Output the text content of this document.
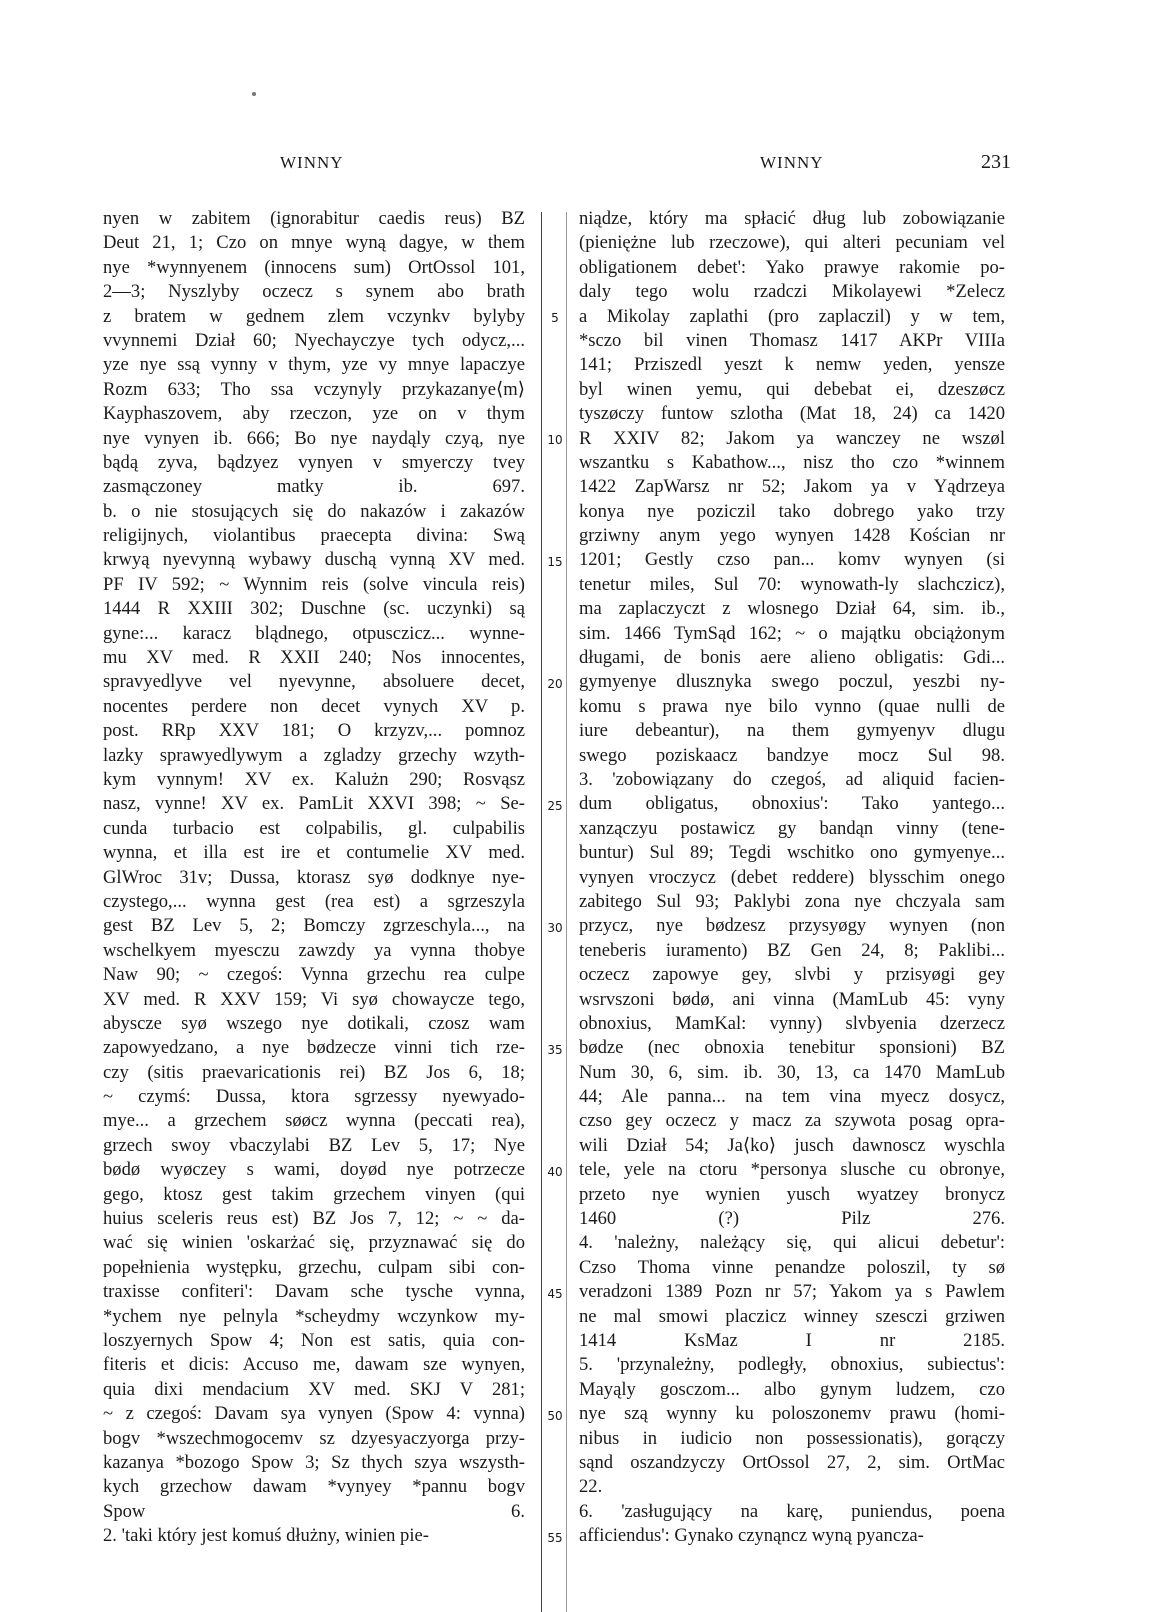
WINNY	WINNY	231
5
10
15
20
25
30
35
40
45
50
55
nyen w zabitem (ignorabitur caedis reus) BZ
Deut 21, 1; Czo on mnye wyną dagye, w them
nye *wynnyenem (innocens sum) OrtOssol 101,
2—3; Nyszlyby oczecz s synem abo brath
z bratem w gednem zlem vczynkv bylyby
vvynnemi Dział 60; Nyechayczye tych odycz,...
yze nye ssą vynny v thym, yze vy mnye lapaczye
Rozm 633; Tho ssa vczynyly przykazanye⟨m⟩
Kayphaszovem, aby rzeczon, yze on v thym
nye vynyen ib. 666; Bo nye naydąly czyą, nye
bądą zyva, bądzyez vynyen v smyerczy tvey
zasmączoney matky ib. 697.
b. o nie stosujących się do nakazów i zakazów
religijnych, violantibus praecepta divina: Swą
krwyą nyevynną wybawy duschą vynną XV med.
PF IV 592; ~ Wynnim reis (solve vincula reis)
1444 R XXIII 302; Duschne (sc. uczynki) są
gyne:... karacz blądnego, otpusczicz... wynne-
mu XV med. R XXII 240; Nos innocentes,
spravyedlyve vel nyevynne, absoluere decet,
nocentes perdere non decet vynych XV p.
post. RRp XXV 181; O krzyzv,... pomnoz
lazky sprawyedlywym a zgladzy grzechy wzyth-
kym vynnym! XV ex. Kalużn 290; Rosvąsz
nasz, vynne! XV ex. PamLit XXVI 398; ~ Se-
cunda turbacio est colpabilis, gl. culpabilis
wynna, et illa est ire et contumelie XV med.
GlWroc 31v; Dussa, ktorasz syø dodknye nye-
czystego,... wynna gest (rea est) a sgrzeszyla
gest BZ Lev 5, 2; Bomczy zgrzeschyla..., na
wschelkyem myesczu zawzdy ya vynna thobye
Naw 90; ~ czegoś: Vynna grzechu rea culpe
XV med. R XXV 159; Vi syø chowaycze tego,
abyscze syø wszego nye dotikali, czosz wam
zapowyedzano, a nye bødzecze vinni tich rze-
czy (sitis praevaricationis rei) BZ Jos 6, 18;
~ czymś: Dussa, ktora sgrzessy nyewyado-
mye... a grzechem søøcz wynna (peccati rea),
grzech swoy vbaczylabi BZ Lev 5, 17; Nye
bødø wyøczey s wami, doyød nye potrzecze
gego, ktosz gest takim grzechem vinyen (qui
huius sceleris reus est) BZ Jos 7, 12; ~ ~ da-
wać się winien 'oskarżać się, przyznawać się do
popełnienia występku, grzechu, culpam sibi con-
traxisse confiteri': Davam sche tysche vynna,
*ychem nye pelnyla *scheydmy wczynkow my-
loszyernych Spow 4; Non est satis, quia con-
fiteris et dicis: Accuso me, dawam sze wynyen,
quia dixi mendacium XV med. SKJ V 281;
~ z czegoś: Davam sya vynyen (Spow 4: vynna)
bogv *wszechmogocemv sz dzyesyaczyorga przy-
kazanya *bozogo Spow 3; Sz thych szya wszysth-
kych grzechow dawam *vynyey *pannu bogv
Spow 6.
2. 'taki który jest komuś dłużny, winien pie-
niądze, który ma spłacić dług lub zobowiązanie
(pieniężne lub rzeczowe), qui alteri pecuniam vel
obligationem debet': Yako prawye rakomie po-
daly tego wolu rzadczi Mikolayewi *Zelecz
a Mikolay zaplathi (pro zaplaczil) y w tem,
*sczo bil vinen Thomasz 1417 AKPr VIIIa
141; Prziszedl yeszt k nemw yeden, yensze
byl winen yemu, qui debebat ei, dzeszøcz
tyszøczy funtow szlotha (Mat 18, 24) ca 1420
R XXIV 82; Jakom ya wanczey ne wszøl
wszantku s Kabathow..., nisz tho czo *winnem
1422 ZapWarsz nr 52; Jakom ya v Yądrzeya
konya nye poziczil tako dobrego yako trzy
grziwny anym yego wynyen 1428 Kościan nr
1201; Gestly czso pan... komv wynyen (si
tenetur miles, Sul 70: wynowath-ly slachczicz),
ma zaplaczyczt z wlosnego Dział 64, sim. ib.,
sim. 1466 TymSąd 162; ~ o majątku obciążonym
długami, de bonis aere alieno obligatis: Gdi...
gymyenye dlusznyka swego poczul, yeszbi ny-
komu s prawa nye bilo vynno (quae nulli de
iure debeantur), na them gymyenyv dlugu
swego poziskaacz bandzye mocz Sul 98.
3. 'zobowiązany do czegoś, ad aliquid facien-
dum obligatus, obnoxius': Tako yantego...
xanzączyu postawicz gy bandąn vinny (tene-
buntur) Sul 89; Tegdi wschitko ono gymyenye...
vynyen vroczycz (debet reddere) blysschim onego
zabitego Sul 93; Paklybi zona nye chczyala sam
przycz, nye bødzesz przysyøgy wynyen (non
teneberis iuramento) BZ Gen 24, 8; Paklibi...
oczecz zapowye gey, slvbi y przisyøgi gey
wsrvszoni bødø, ani vinna (MamLub 45: vyny
obnoxius, MamKal: vynny) slvbyenia dzerzecz
bødze (nec obnoxia tenebitur sponsioni) BZ
Num 30, 6, sim. ib. 30, 13, ca 1470 MamLub
44; Ale panna... na tem vina myecz dosycz,
czso gey oczecz y macz za szywota posag opra-
wili Dział 54; Ja⟨ko⟩ jusch dawnoscz wyschla
tele, yele na ctoru *personya slusche cu obronye,
przeto nye wynien yusch wyatzey bronycz
1460 (?) Pilz 276.
4. 'należny, należący się, qui alicui debetur':
Czso Thoma vinne penandze poloszil, ty sø
veradzoni 1389 Pozn nr 57; Yakom ya s Pawlem
ne mal smowi placzicz winney szesczi grziwen
1414 KsMaz I nr 2185.
5. 'przynależny, podległy, obnoxius, subiectus':
Mayąly gosczom... albo gynym ludzem, czo
nye szą wynny ku poloszonemv prawu (homi-
nibus in iudicio non possessionatis), gorączy
sąnd oszandzyczy OrtOssol 27, 2, sim. OrtMac
22.
6. 'zasługujący na karę, puniendus, poena
afficiendus': Gynako czynąncz wyną pyancza-
